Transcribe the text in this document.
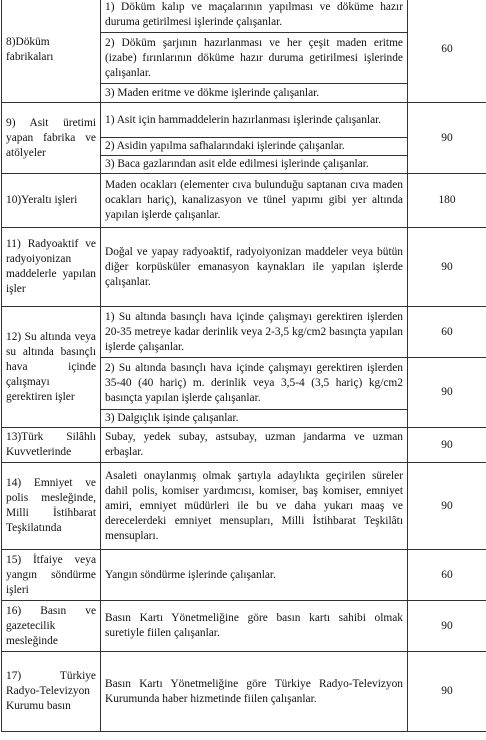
8)Döküm fabrikaları	1) Döküm kalıp ve maçalarının yapılması ve döküme hazır duruma getirilmesi işlerinde çalışanlar.	60
	2) Döküm şarjının hazırlanması ve her çeşit maden eritme (izabe) fırınlarının döküme hazır duruma getirilmesi işlerinde çalışanlar.	
	3) Maden eritme ve dökme işlerinde çalışanlar.	
9) Asit üretimi yapan fabrika ve atölyeler	1) Asit için hammaddelerin hazırlanması işlerinde çalışanlar.	90
	2) Asidin yapılma safhalarındaki işlerinde çalışanlar.	
	3) Baca gazlarından asit elde edilmesi işlerinde çalışanlar.	
10)Yeraltı işleri	Maden ocakları (elementer cıva bulunduğu saptanan cıva maden ocakları hariç), kanalizasyon ve tünel yapımı gibi yer altında yapılan işlerde çalışanlar.	180
11) Radyoaktif ve radyoiyonizan maddelerle yapılan işler	Doğal ve yapay radyoaktif, radyoiyonizan maddeler veya bütün diğer korpüsküler emanasyon kaynakları ile yapılan işlerde çalışanlar.	90
12) Su altında veya su altında basınçlı hava içinde çalışmayı gerektiren işler	1) Su altında basınçlı hava içinde çalışmayı gerektiren işlerden 20-35 metreye kadar derinlik veya 2-3,5 kg/cm2 basınçta yapılan işlerde çalışanlar.	60
	2) Su altında basınçlı hava içinde çalışmayı gerektiren işlerden 35-40 (40 hariç) m. derinlik veya 3,5-4 (3,5 hariç) kg/cm2 basınçta yapılan işlerde çalışanlar.	90
	3) Dalgıçlık işinde çalışanlar.	
13)Türk Silâhlı Kuvvetlerinde	Subay, yedek subay, astsubay, uzman jandarma ve uzman erbaşlar.	90
14) Emniyet ve polis mesleğinde, Milli İstihbarat Teşkilatında	Asaleti onaylanmış olmak şartıyla adaylıkta geçirilen süreler dahil polis, komiser yardımcısı, komiser, baş komiser, emniyet amiri, emniyet müdürleri ile bu ve daha yukarı maaş ve derecelerdeki emniyet mensupları, Milli İstihbarat Teşkilâtı mensupları.	90
15) İtfaiye veya yangın söndürme işleri	Yangın söndürme işlerinde çalışanlar.	60
16) Basın ve gazetecilik mesleğinde	Basın Kartı Yönetmeliğine göre basın kartı sahibi olmak suretiyle fiilen çalışanlar.	90
17) Türkiye Radyo-Televizyon Kurumu basın	Basın Kartı Yönetmeliğine göre Türkiye Radyo-Televizyon Kurumunda haber hizmetinde fiilen çalışanlar.	90
